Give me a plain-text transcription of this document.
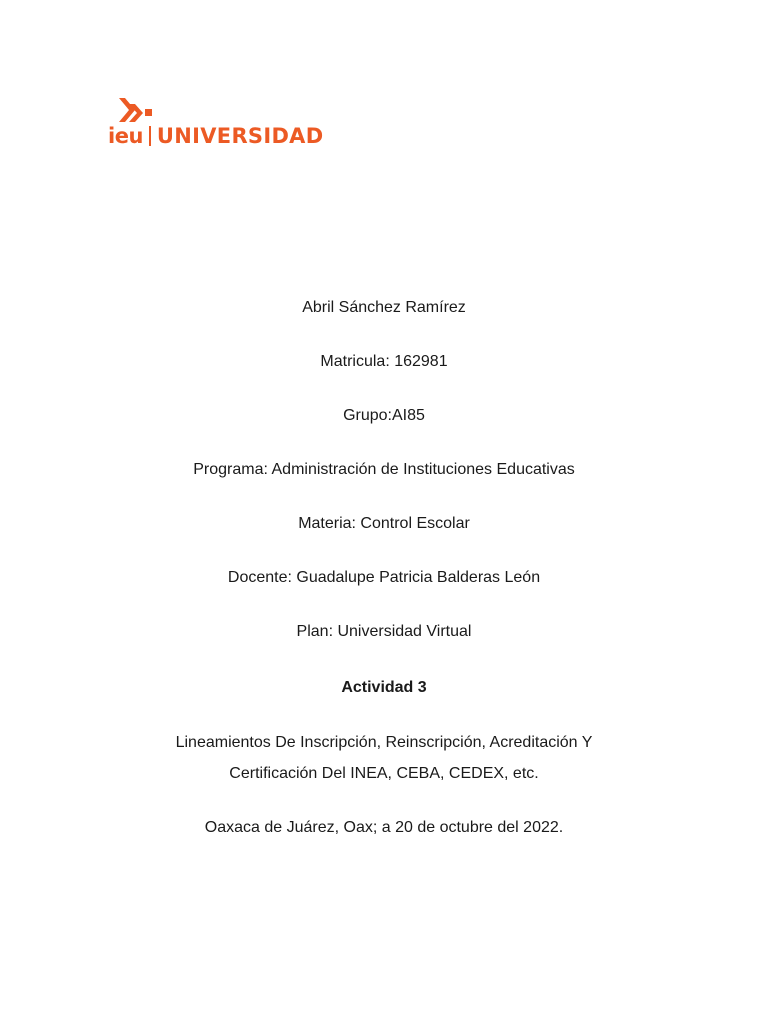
ieu UNIVERSIDAD
Abril Sánchez Ramírez
Matricula: 162981
Grupo:AI85
Programa: Administración de Instituciones Educativas
Materia: Control Escolar
Docente: Guadalupe Patricia Balderas León
Plan: Universidad Virtual
Actividad 3
Lineamientos De Inscripción, Reinscripción, Acreditación Y
Certificación Del INEA, CEBA, CEDEX, etc.
Oaxaca de Juárez, Oax; a 20 de octubre del 2022.
